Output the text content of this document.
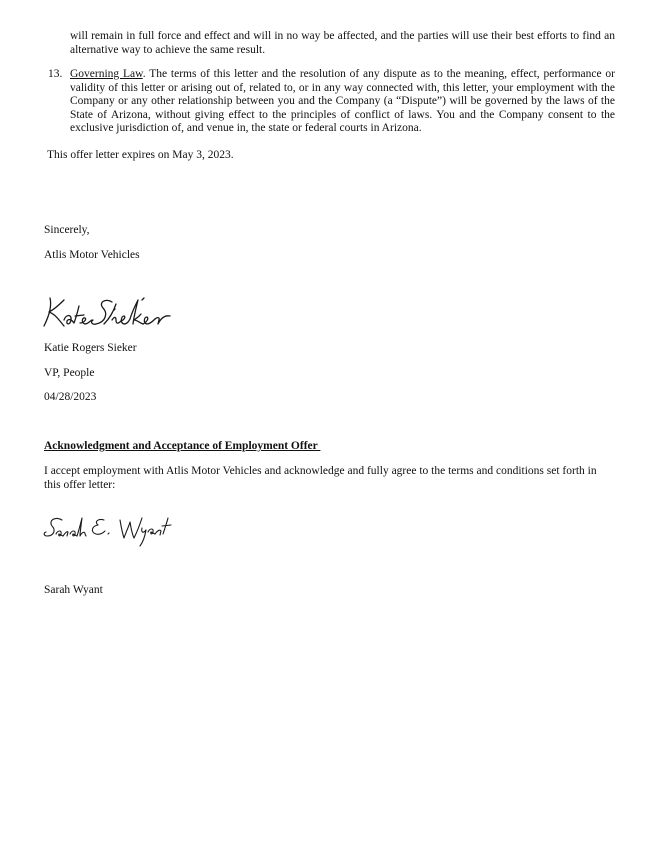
will remain in full force and effect and will in no way be affected, and the parties will use their best efforts to find an alternative way to achieve the same result.

13. Governing Law. The terms of this letter and the resolution of any dispute as to the meaning, effect, performance or validity of this letter or arising out of, related to, or in any way connected with, this letter, your employment with the Company or any other relationship between you and the Company (a “Dispute”) will be governed by the laws of the State of Arizona, without giving effect to the principles of conflict of laws. You and the Company consent to the exclusive jurisdiction of, and venue in, the state or federal courts in Arizona.

This offer letter expires on May 3, 2023.

Sincerely,

Atlis Motor Vehicles

Katie Rogers Sieker

VP, People

04/28/2023

Acknowledgment and Acceptance of Employment Offer

I accept employment with Atlis Motor Vehicles and acknowledge and fully agree to the terms and conditions set forth in this offer letter:

Sarah Wyant
